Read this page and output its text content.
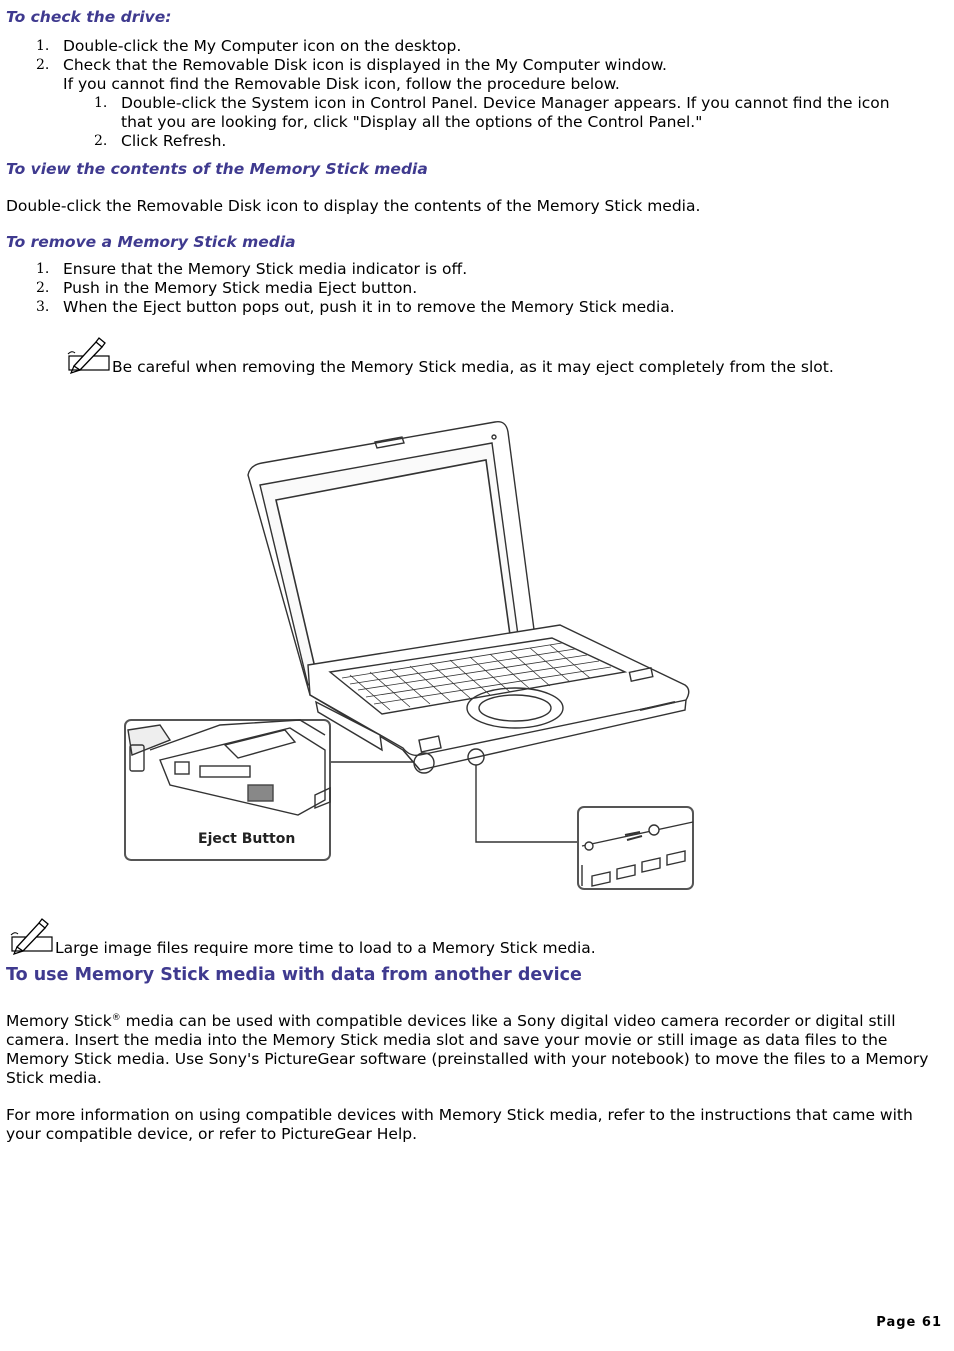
To check the drive:
1. Double-click the My Computer icon on the desktop.
2. Check that the Removable Disk icon is displayed in the My Computer window.
If you cannot find the Removable Disk icon, follow the procedure below.
1. Double-click the System icon in Control Panel. Device Manager appears. If you cannot find the icon
that you are looking for, click "Display all the options of the Control Panel."
2. Click Refresh.
To view the contents of the Memory Stick media
Double-click the Removable Disk icon to display the contents of the Memory Stick media.
To remove a Memory Stick media
1. Ensure that the Memory Stick media indicator is off.
2. Push in the Memory Stick media Eject button.
3. When the Eject button pops out, push it in to remove the Memory Stick media.
Be careful when removing the Memory Stick media, as it may eject completely from the slot.
Eject Button
Large image files require more time to load to a Memory Stick media.
To use Memory Stick media with data from another device
Memory Stick® media can be used with compatible devices like a Sony digital video camera recorder or digital still camera. Insert the media into the Memory Stick media slot and save your movie or still image as data files to the Memory Stick media. Use Sony's PictureGear software (preinstalled with your notebook) to move the files to a Memory Stick media.
For more information on using compatible devices with Memory Stick media, refer to the instructions that came with your compatible device, or refer to PictureGear Help.
Page 61
